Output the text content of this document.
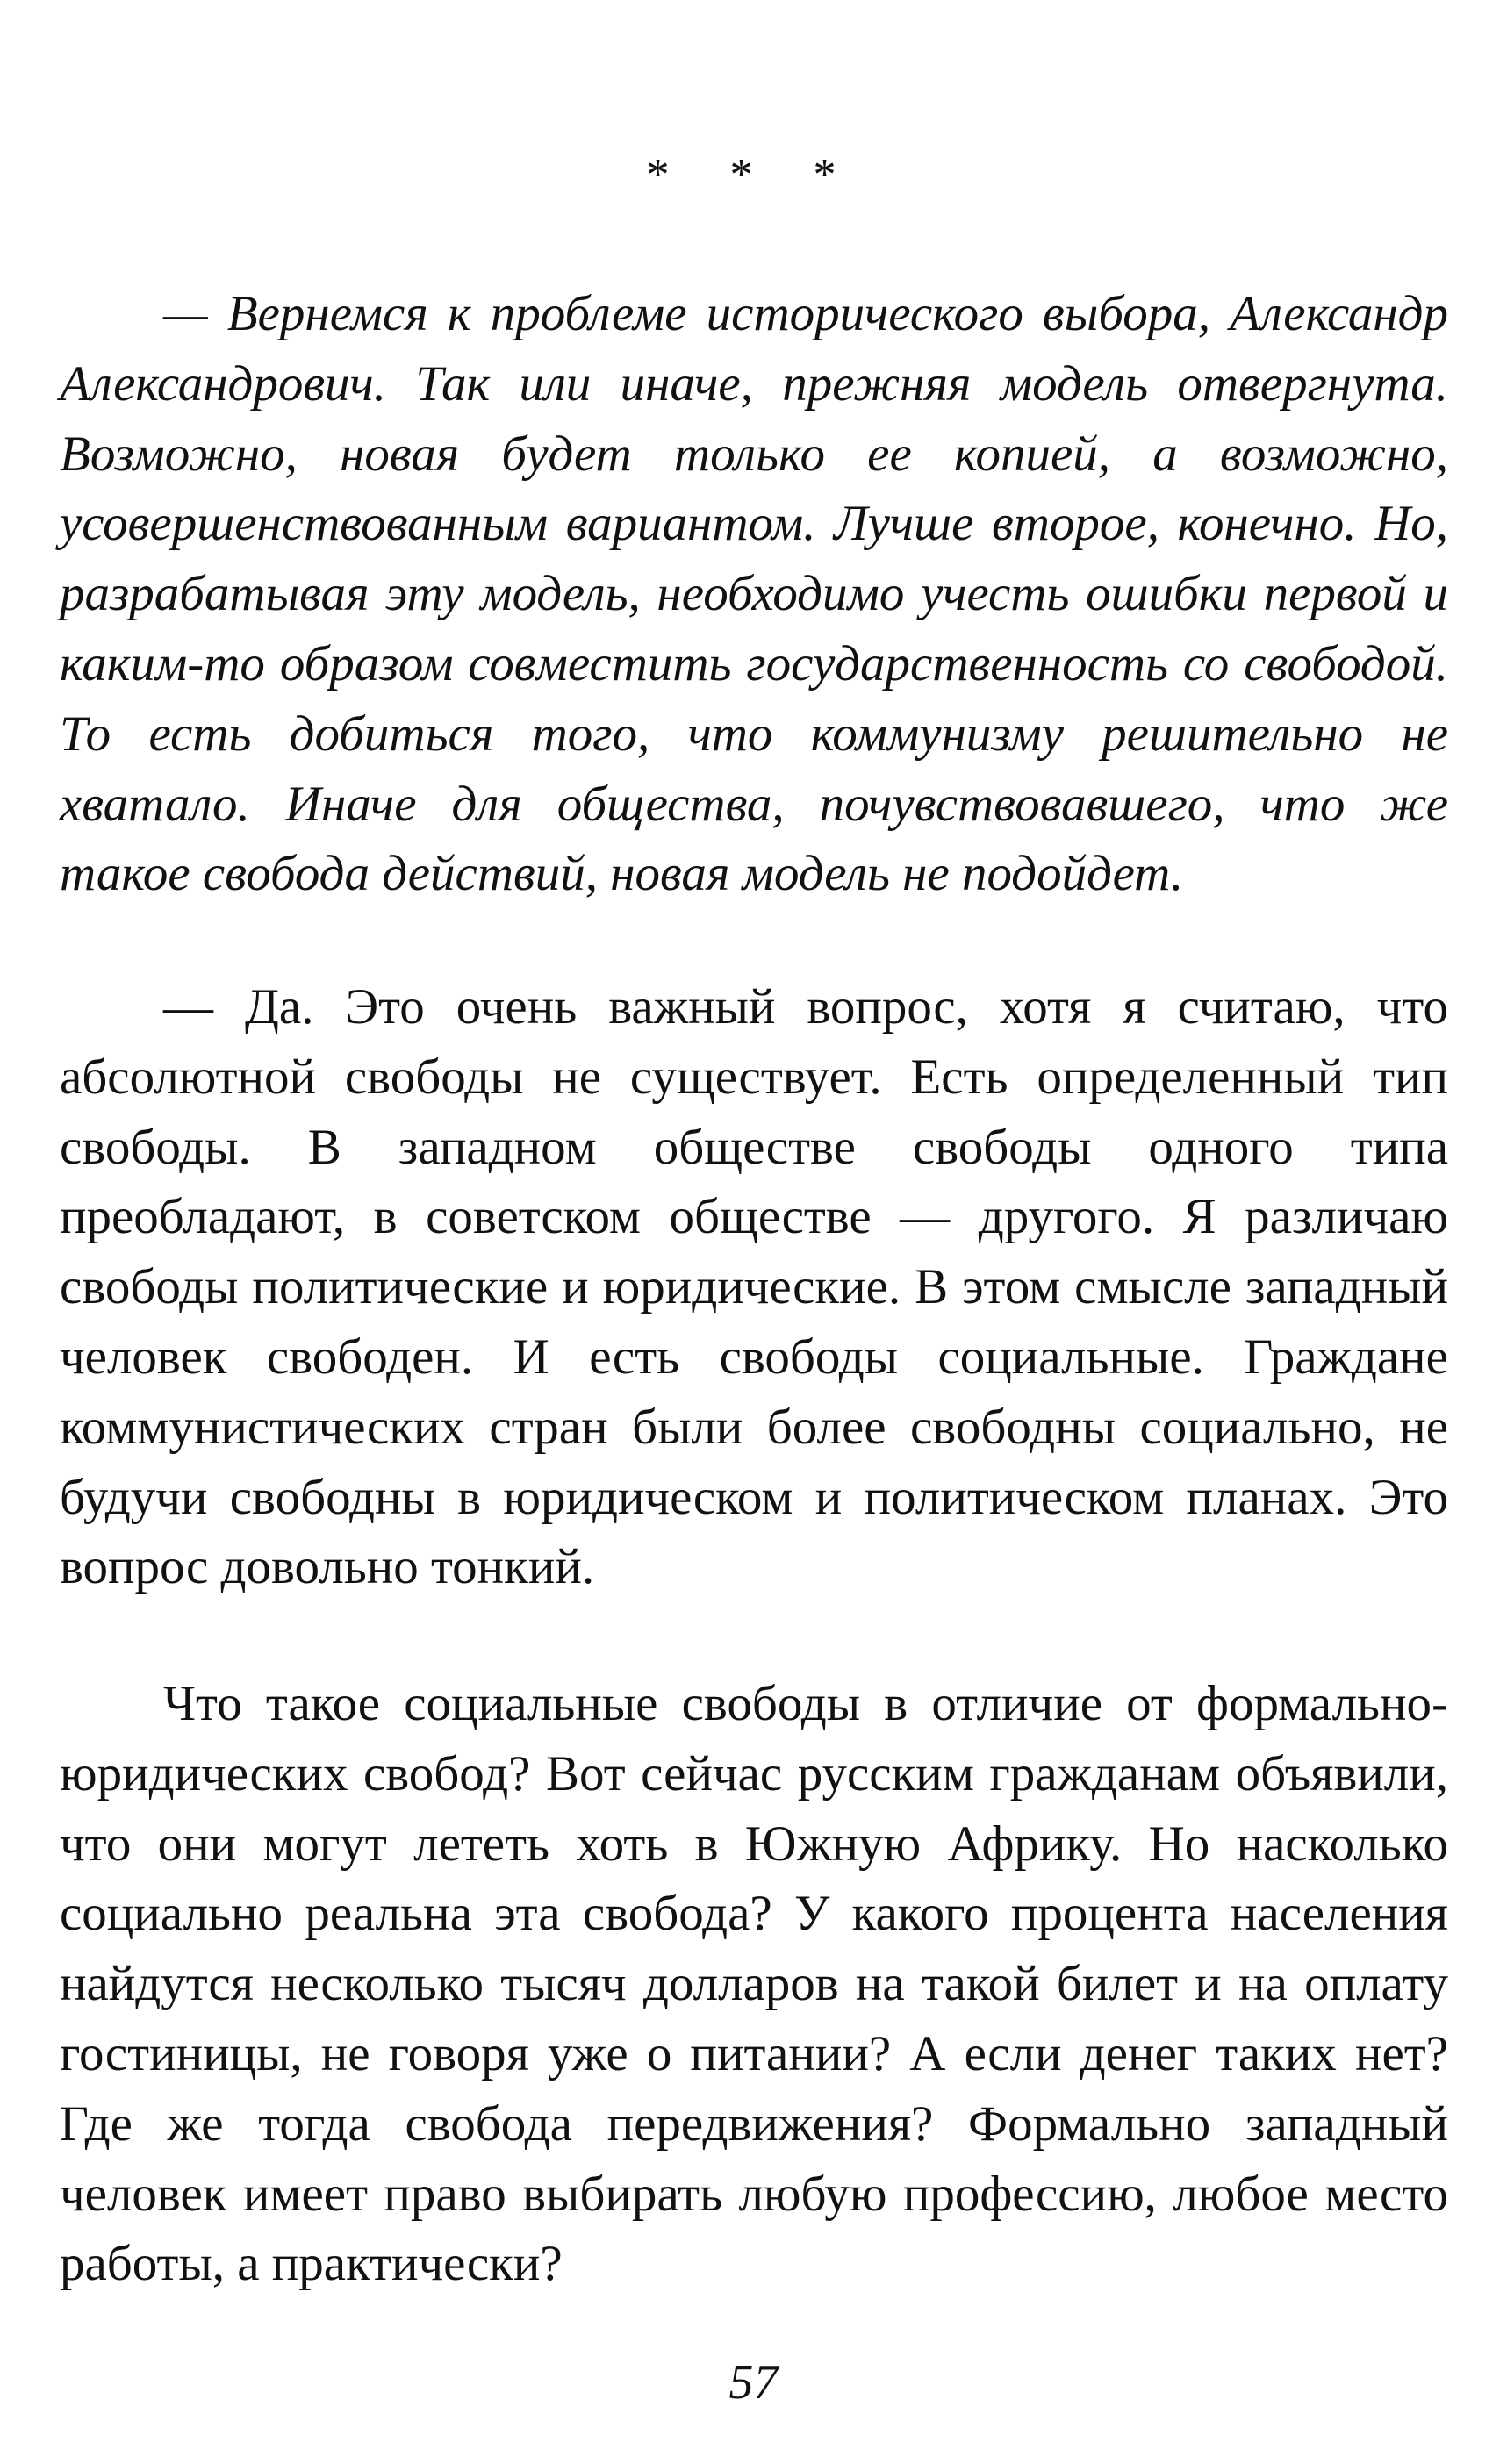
* * *

— Вернемся к проблеме исторического выбора, Александр Александрович. Так или иначе, прежняя модель отвергнута. Возможно, новая будет только ее копией, а возможно, усовершенствованным вариантом. Лучше второе, конечно. Но, разрабатывая эту модель, необходимо учесть ошибки первой и каким-то образом совместить государственность со свободой. То есть добиться того, что коммунизму решительно не хватало. Иначе для общества, почувствовавшего, что же такое свобода действий, новая модель не подойдет.

— Да. Это очень важный вопрос, хотя я считаю, что абсолютной свободы не существует. Есть определенный тип свободы. В западном обществе свободы одного типа преобладают, в советском обществе — другого. Я различаю свободы политические и юридические. В этом смысле западный человек свободен. И есть свободы социальные. Граждане коммунистических стран были более свободны социально, не будучи свободны в юридическом и политическом планах. Это вопрос довольно тонкий.

Что такое социальные свободы в отличие от формально-юридических свобод? Вот сейчас русским гражданам объявили, что они могут лететь хоть в Южную Африку. Но насколько социально реальна эта свобода? У какого процента населения найдутся несколько тысяч долларов на такой билет и на оплату гостиницы, не говоря уже о питании? А если денег таких нет? Где же тогда свобода передвижения? Формально западный человек имеет право выбирать любую профессию, любое место работы, а практически?

57
